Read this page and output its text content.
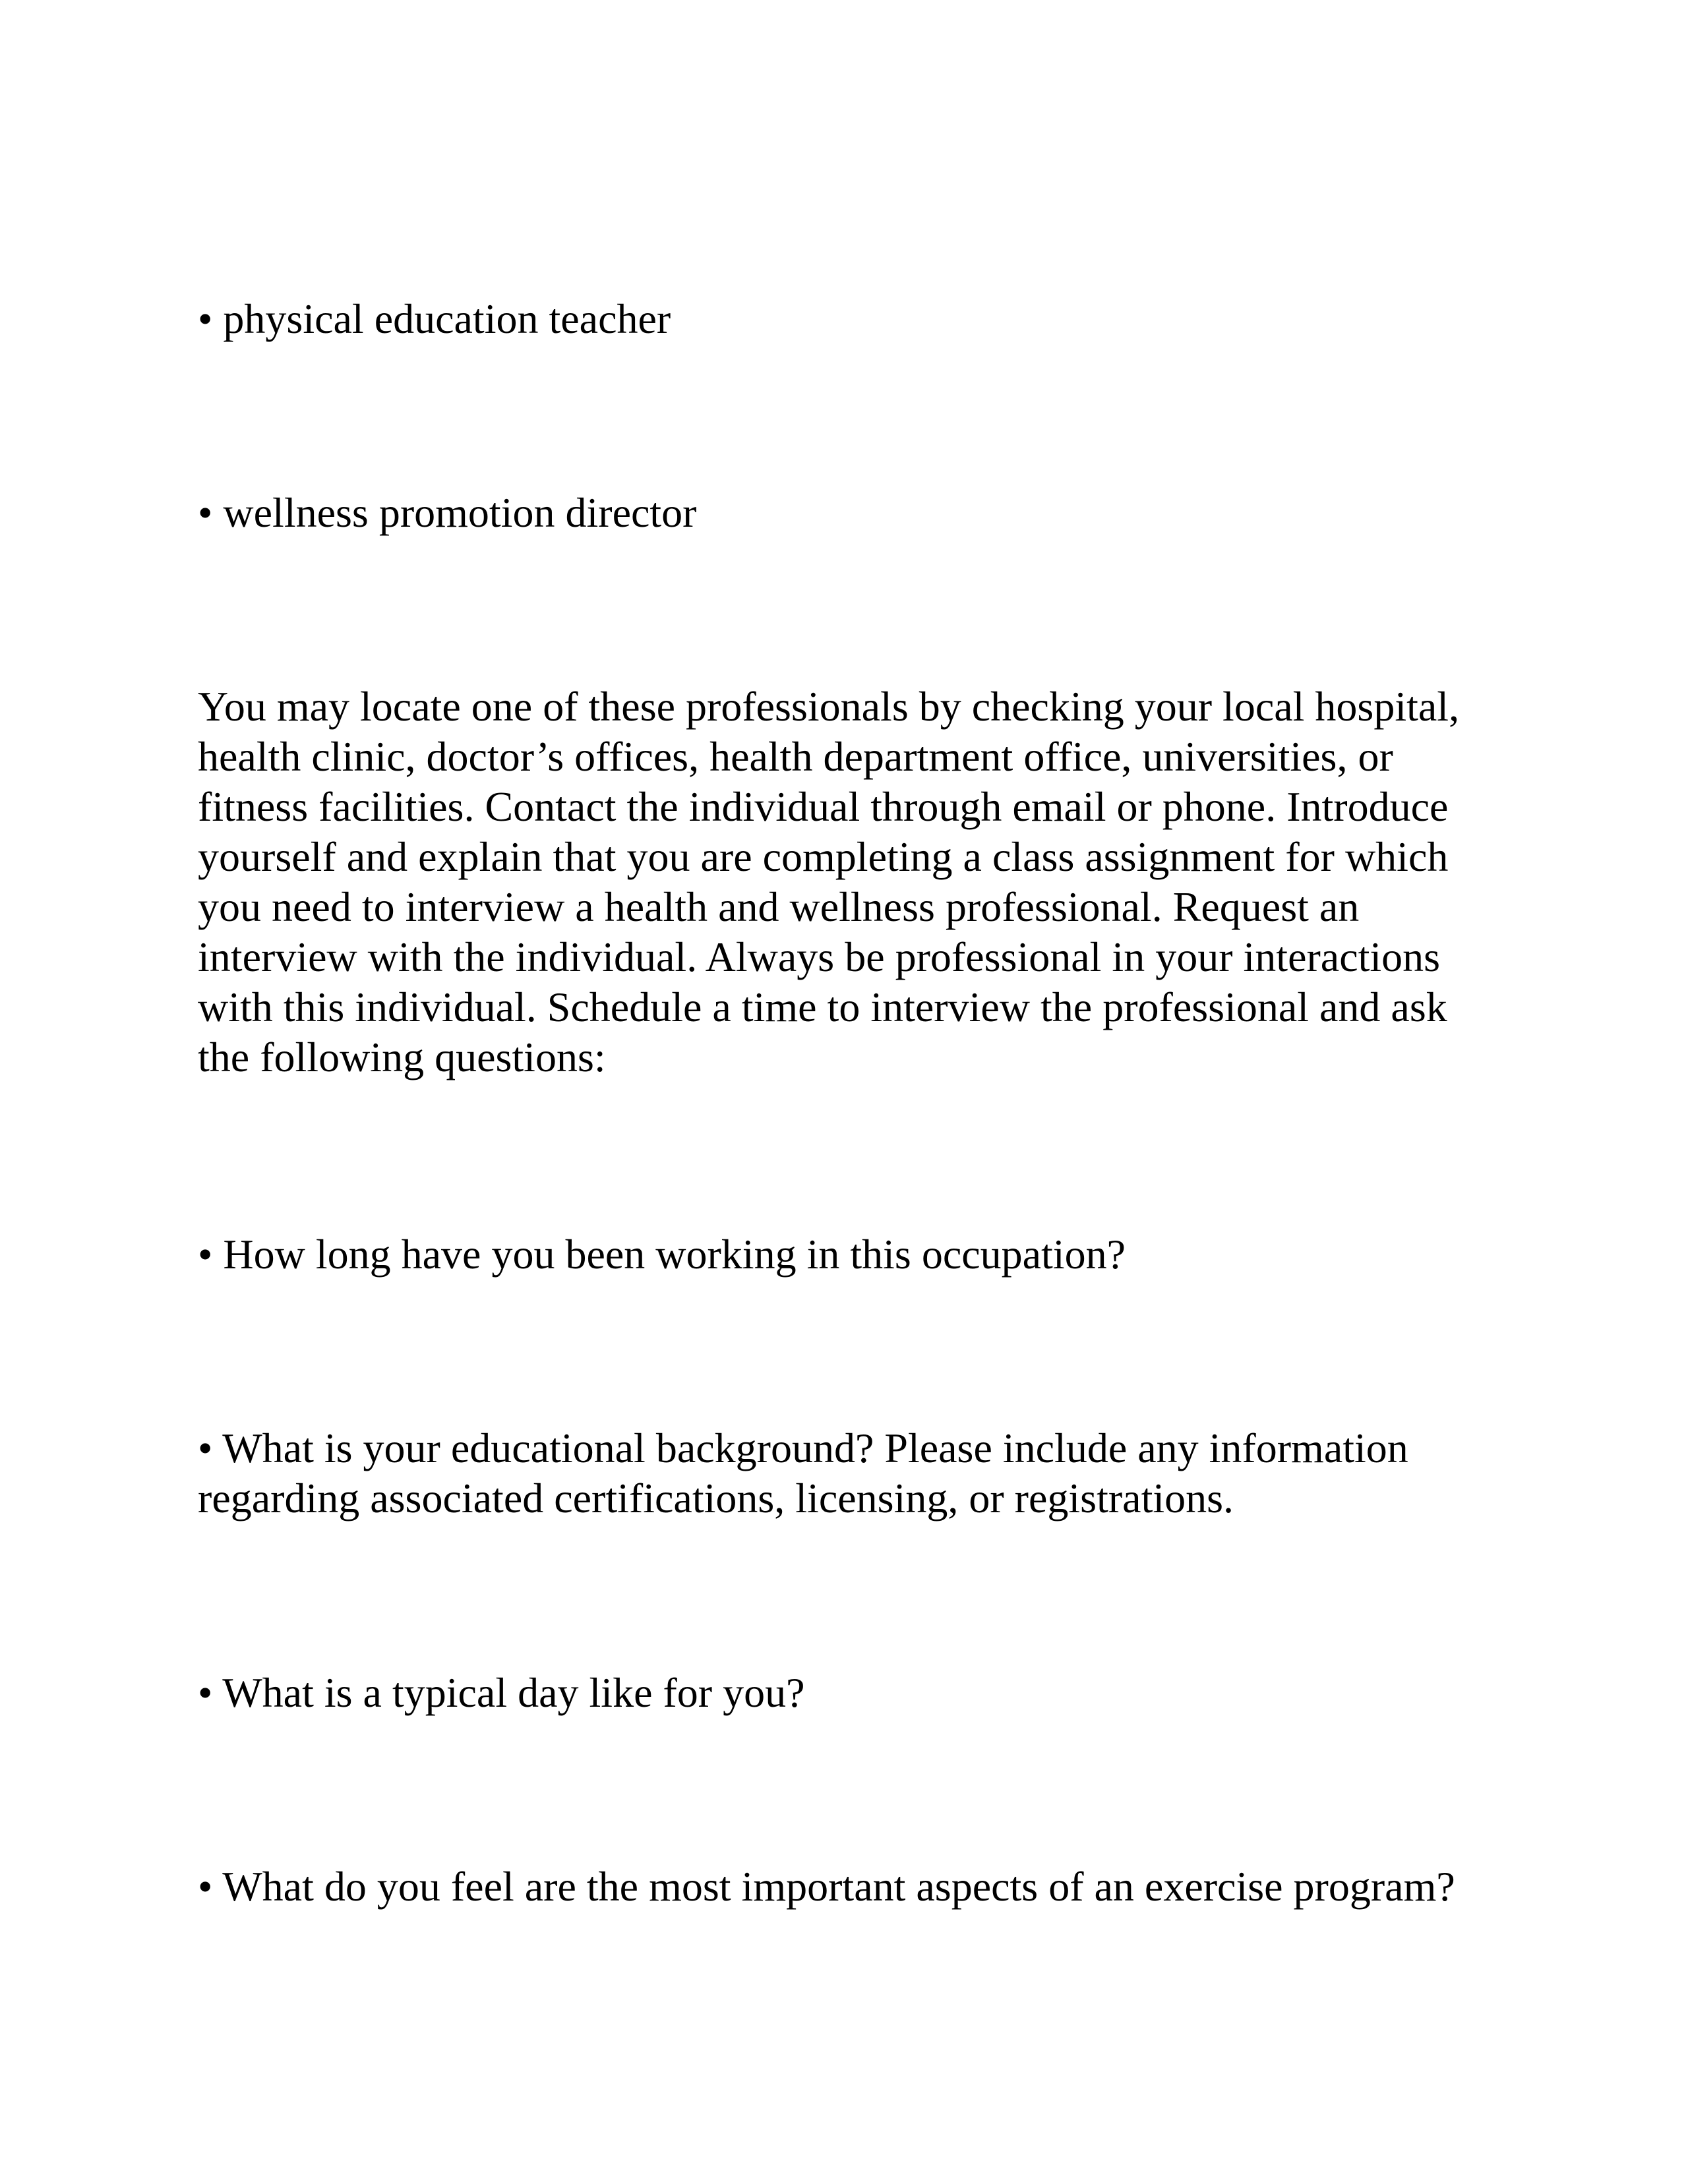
• physical education teacher

• wellness promotion director

You may locate one of these professionals by checking your local hospital, health clinic, doctor’s offices, health department office, universities, or fitness facilities. Contact the individual through email or phone. Introduce yourself and explain that you are completing a class assignment for which you need to interview a health and wellness professional. Request an interview with the individual. Always be professional in your interactions with this individual. Schedule a time to interview the professional and ask the following questions:

• How long have you been working in this occupation?

• What is your educational background? Please include any information regarding associated certifications, licensing, or registrations.

• What is a typical day like for you?

• What do you feel are the most important aspects of an exercise program?
